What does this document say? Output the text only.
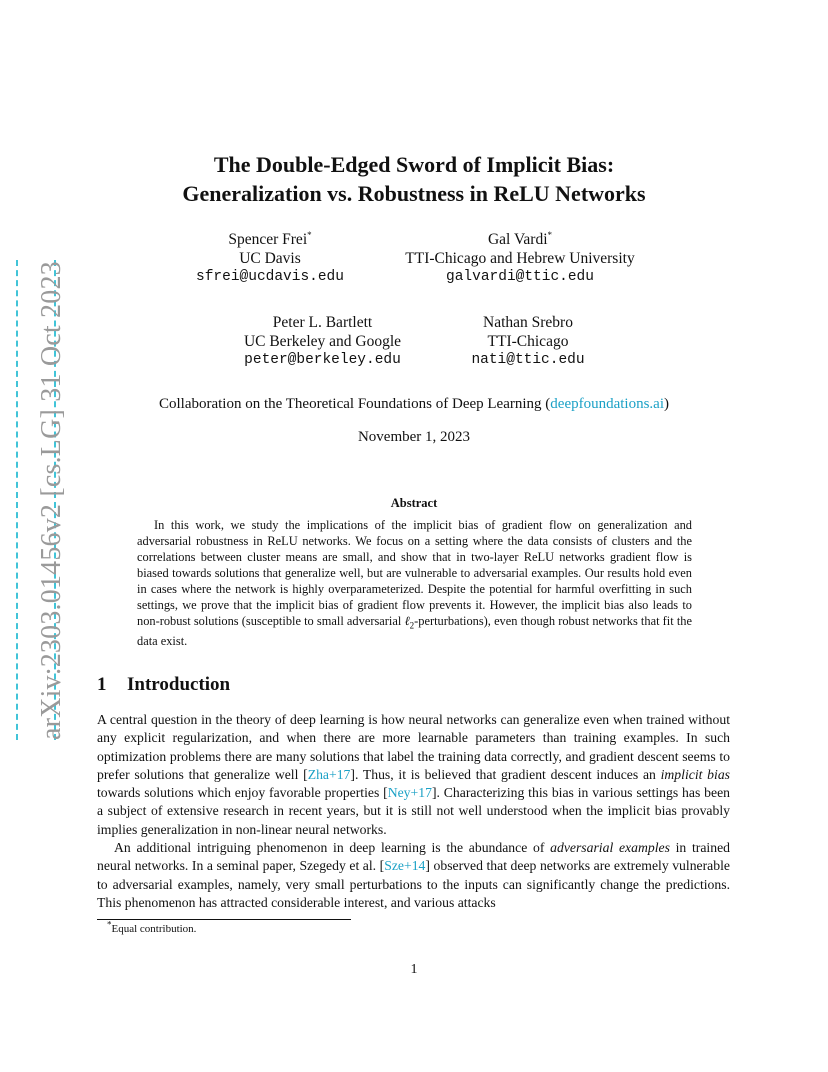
arXiv:2303.01456v2 [cs.LG] 31 Oct 2023
The Double-Edged Sword of Implicit Bias:
Generalization vs. Robustness in ReLU Networks
Spencer Frei*
UC Davis
sfrei@ucdavis.edu
Gal Vardi*
TTI-Chicago and Hebrew University
galvardi@ttic.edu
Peter L. Bartlett
UC Berkeley and Google
peter@berkeley.edu
Nathan Srebro
TTI-Chicago
nati@ttic.edu
Collaboration on the Theoretical Foundations of Deep Learning (deepfoundations.ai)
November 1, 2023
Abstract

In this work, we study the implications of the implicit bias of gradient flow on generalization and adversarial robustness in ReLU networks. We focus on a setting where the data consists of clusters and the correlations between cluster means are small, and show that in two-layer ReLU networks gradient flow is biased towards solutions that generalize well, but are vulnerable to adversarial examples. Our results hold even in cases where the network is highly overparameterized. Despite the potential for harmful overfitting in such settings, we prove that the implicit bias of gradient flow prevents it. However, the implicit bias also leads to non-robust solutions (susceptible to small adversarial ℓ$_2$-perturbations), even though robust networks that fit the data exist.

1 Introduction

A central question in the theory of deep learning is how neural networks can generalize even when trained without any explicit regularization, and when there are more learnable parameters than training examples. In such optimization problems there are many solutions that label the training data correctly, and gradient descent seems to prefer solutions that generalize well [Zha+17]. Thus, it is believed that gradient descent induces an implicit bias towards solutions which enjoy favorable properties [Ney+17]. Characterizing this bias in various settings has been a subject of extensive research in recent years, but it is still not well understood when the implicit bias provably implies generalization in non-linear neural networks.

An additional intriguing phenomenon in deep learning is the abundance of adversarial examples in trained neural networks. In a seminal paper, Szegedy et al. [Sze+14] observed that deep networks are extremely vulnerable to adversarial examples, namely, very small perturbations to the inputs can significantly change the predictions. This phenomenon has attracted considerable interest, and various attacks

*Equal contribution.
1
